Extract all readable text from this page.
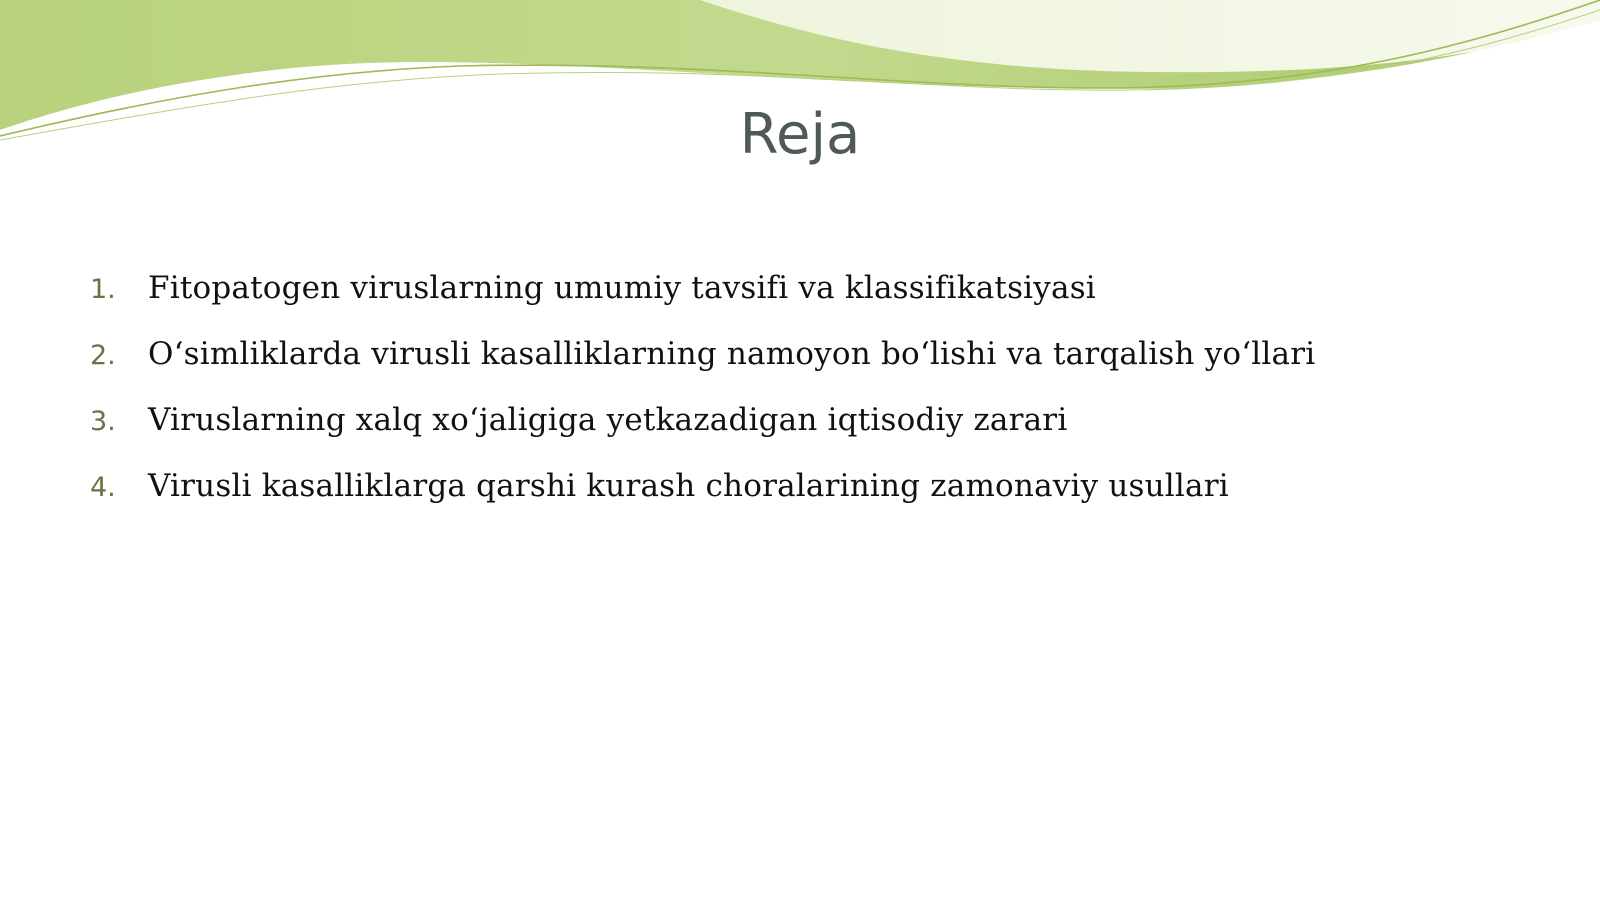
Reja
1.	Fitopatogen viruslarning umumiy tavsifi va klassifikatsiyasi
2.	O‘simliklarda virusli kasalliklarning namoyon bo‘lishi va tarqalish yo‘llari
3.	Viruslarning xalq xo‘jaligiga yetkazadigan iqtisodiy zarari
4.	Virusli kasalliklarga qarshi kurash choralarining zamonaviy usullari
